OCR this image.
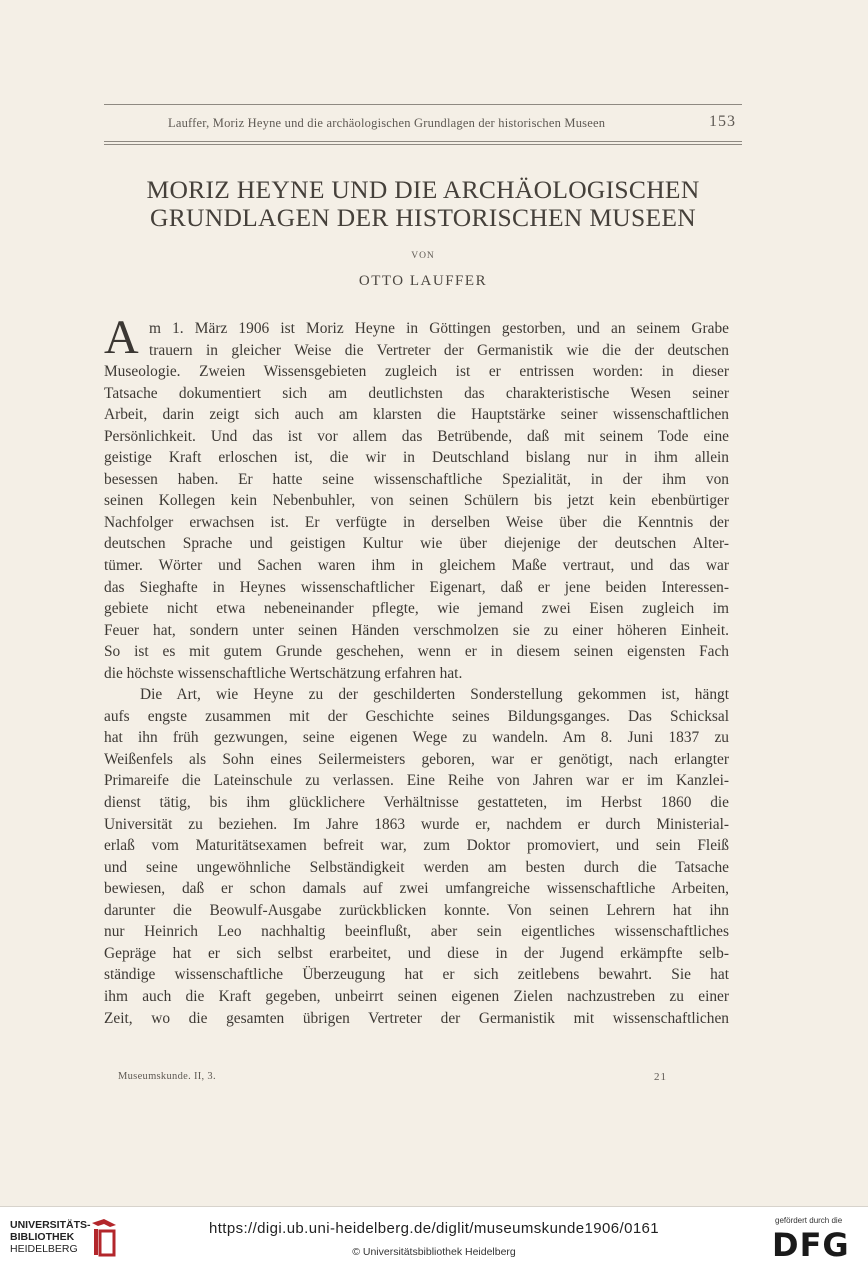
Lauffer, Moriz Heyne und die archäologischen Grundlagen der historischen Museen	153
MORIZ HEYNE UND DIE ARCHÄOLOGISCHEN
GRUNDLAGEN DER HISTORISCHEN MUSEEN
VON
OTTO LAUFFER
A m 1. März 1906 ist Moriz Heyne in Göttingen gestorben, und an seinem Grabe
trauern in gleicher Weise die Vertreter der Germanistik wie die der deutschen
Museologie. Zweien Wissensgebieten zugleich ist er entrissen worden: in dieser
Tatsache dokumentiert sich am deutlichsten das charakteristische Wesen seiner
Arbeit, darin zeigt sich auch am klarsten die Hauptstärke seiner wissenschaftlichen
Persönlichkeit. Und das ist vor allem das Betrübende, daß mit seinem Tode eine
geistige Kraft erloschen ist, die wir in Deutschland bislang nur in ihm allein
besessen haben. Er hatte seine wissenschaftliche Spezialität, in der ihm von
seinen Kollegen kein Nebenbuhler, von seinen Schülern bis jetzt kein ebenbürtiger
Nachfolger erwachsen ist. Er verfügte in derselben Weise über die Kenntnis der
deutschen Sprache und geistigen Kultur wie über diejenige der deutschen Alter-
tümer. Wörter und Sachen waren ihm in gleichem Maße vertraut, und das war
das Sieghafte in Heynes wissenschaftlicher Eigenart, daß er jene beiden Interessen-
gebiete nicht etwa nebeneinander pflegte, wie jemand zwei Eisen zugleich im
Feuer hat, sondern unter seinen Händen verschmolzen sie zu einer höheren Einheit.
So ist es mit gutem Grunde geschehen, wenn er in diesem seinen eigensten Fach
die höchste wissenschaftliche Wertschätzung erfahren hat.
Die Art, wie Heyne zu der geschilderten Sonderstellung gekommen ist, hängt
aufs engste zusammen mit der Geschichte seines Bildungsganges. Das Schicksal
hat ihn früh gezwungen, seine eigenen Wege zu wandeln. Am 8. Juni 1837 zu
Weißenfels als Sohn eines Seilermeisters geboren, war er genötigt, nach erlangter
Primareife die Lateinschule zu verlassen. Eine Reihe von Jahren war er im Kanzlei-
dienst tätig, bis ihm glücklichere Verhältnisse gestatteten, im Herbst 1860 die
Universität zu beziehen. Im Jahre 1863 wurde er, nachdem er durch Ministerial-
erlaß vom Maturitätsexamen befreit war, zum Doktor promoviert, und sein Fleiß
und seine ungewöhnliche Selbständigkeit werden am besten durch die Tatsache
bewiesen, daß er schon damals auf zwei umfangreiche wissenschaftliche Arbeiten,
darunter die Beowulf-Ausgabe zurückblicken konnte. Von seinen Lehrern hat ihn
nur Heinrich Leo nachhaltig beeinflußt, aber sein eigentliches wissenschaftliches
Gepräge hat er sich selbst erarbeitet, und diese in der Jugend erkämpfte selb-
ständige wissenschaftliche Überzeugung hat er sich zeitlebens bewahrt. Sie hat
ihm auch die Kraft gegeben, unbeirrt seinen eigenen Zielen nachzustreben zu einer
Zeit, wo die gesamten übrigen Vertreter der Germanistik mit wissenschaftlichen
Museumskunde. II, 3.	21
UNIVERSITÄTS-
BIBLIOTHEK
HEIDELBERG
https://digi.ub.uni-heidelberg.de/diglit/museumskunde1906/0161
© Universitätsbibliothek Heidelberg
gefördert durch die
DFG
